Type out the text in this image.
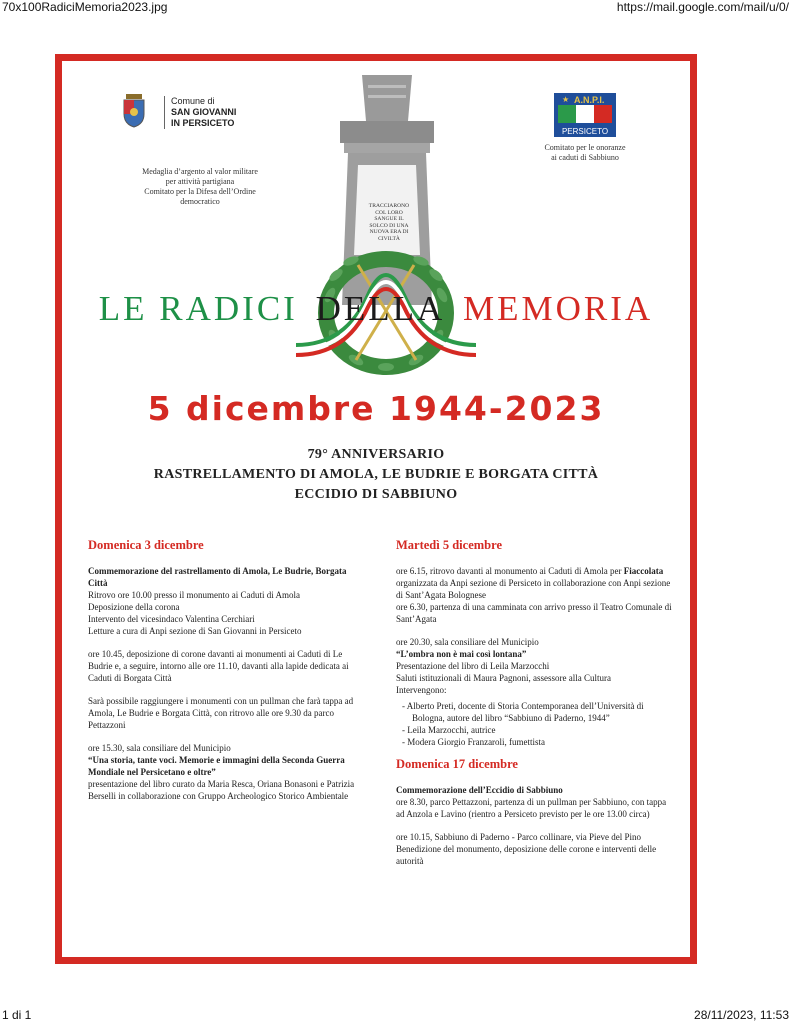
70x100RadiciMemoria2023.jpg	https://mail.google.com/mail/u/0/
1 di 1	28/11/2023, 11:53
Comune di
SAN GIOVANNI
IN PERSICETO
Medaglia d’argento al valor militare
per attività partigiana
Comitato per la Difesa dell’Ordine
democratico
★ A.N.P.I.
PERSICETO
Comitato per le onoranze
ai caduti di Sabbiuno
TRACCIARONO
COL LORO
SANGUE IL
SOLCO DI UNA
NUOVA ERA DI
CIVILTÀ
LE RADICI DELLA MEMORIA
5 dicembre 1944-2023
79° ANNIVERSARIO
RASTRELLAMENTO DI AMOLA, LE BUDRIE E BORGATA CITTÀ
ECCIDIO DI SABBIUNO
Domenica 3 dicembre

Commemorazione del rastrellamento di Amola, Le Budrie, Borgata Città
Ritrovo ore 10.00 presso il monumento ai Caduti di Amola
Deposizione della corona
Intervento del vicesindaco Valentina Cerchiari
Letture a cura di Anpi sezione di San Giovanni in Persiceto

ore 10.45, deposizione di corone davanti ai monumenti ai Caduti di Le Budrie e, a seguire, intorno alle ore 11.10, davanti alla lapide dedicata ai Caduti di Borgata Città

Sarà possibile raggiungere i monumenti con un pullman che farà tappa ad Amola, Le Budrie e Borgata Città, con ritrovo alle ore 9.30 da parco Pettazzoni

ore 15.30, sala consiliare del Municipio
“Una storia, tante voci. Memorie e immagini della Seconda Guerra Mondiale nel Persicetano e oltre”
presentazione del libro curato da Maria Resca, Oriana Bonasoni e Patrizia Berselli in collaborazione con Gruppo Archeologico Storico Ambientale

Martedì 5 dicembre

ore 6.15, ritrovo davanti al monumento ai Caduti di Amola per Fiaccolata organizzata da Anpi sezione di Persiceto in collaborazione con Anpi sezione di Sant’Agata Bolognese
ore 6.30, partenza di una camminata con arrivo presso il Teatro Comunale di Sant’Agata

ore 20.30, sala consiliare del Municipio
“L’ombra non è mai così lontana”
Presentazione del libro di Leila Marzocchi
Saluti istituzionali di Maura Pagnoni, assessore alla Cultura
Intervengono:

- Alberto Preti, docente di Storia Contemporanea dell’Università di Bologna, autore del libro “Sabbiuno di Paderno, 1944”
- Leila Marzocchi, autrice
- Modera Giorgio Franzaroli, fumettista
Domenica 17 dicembre

Commemorazione dell’Eccidio di Sabbiuno
ore 8.30, parco Pettazzoni, partenza di un pullman per Sabbiuno, con tappa ad Anzola e Lavino (rientro a Persiceto previsto per le ore 13.00 circa)

ore 10.15, Sabbiuno di Paderno - Parco collinare, via Pieve del Pino
Benedizione del monumento, deposizione delle corone e interventi delle autorità
